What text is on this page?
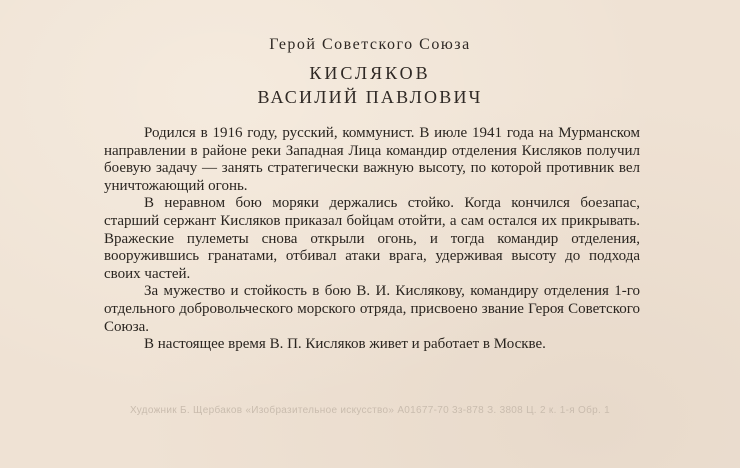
Герой Советского Союза
КИСЛЯКОВ
ВАСИЛИЙ ПАВЛОВИЧ

Родился в 1916 году, русский, коммунист. В июле 1941 года на Мурманском направлении в районе реки Западная Лица командир отделения Кисляков получил боевую задачу — занять стратегически важную высоту, по которой противник вел уничтожающий огонь.

В неравном бою моряки держались стойко. Когда кончился боезапас, старший сержант Кисляков приказал бойцам отойти, а сам остался их прикрывать. Вражеские пулеметы снова открыли огонь, и тогда командир отделения, вооружившись гранатами, отбивал атаки врага, удерживая высоту до подхода своих частей.

За мужество и стойкость в бою В. И. Кислякову, командиру отделения 1-го отдельного добровольческого морского отряда, присвоено звание Героя Советского Союза.

В настоящее время В. П. Кисляков живет и работает в Москве.

Художник Б. Щербаков «Изобразительное искусство» А01677-70 3з-878 З. 3808 Ц. 2 к. 1-я Обр. 1
